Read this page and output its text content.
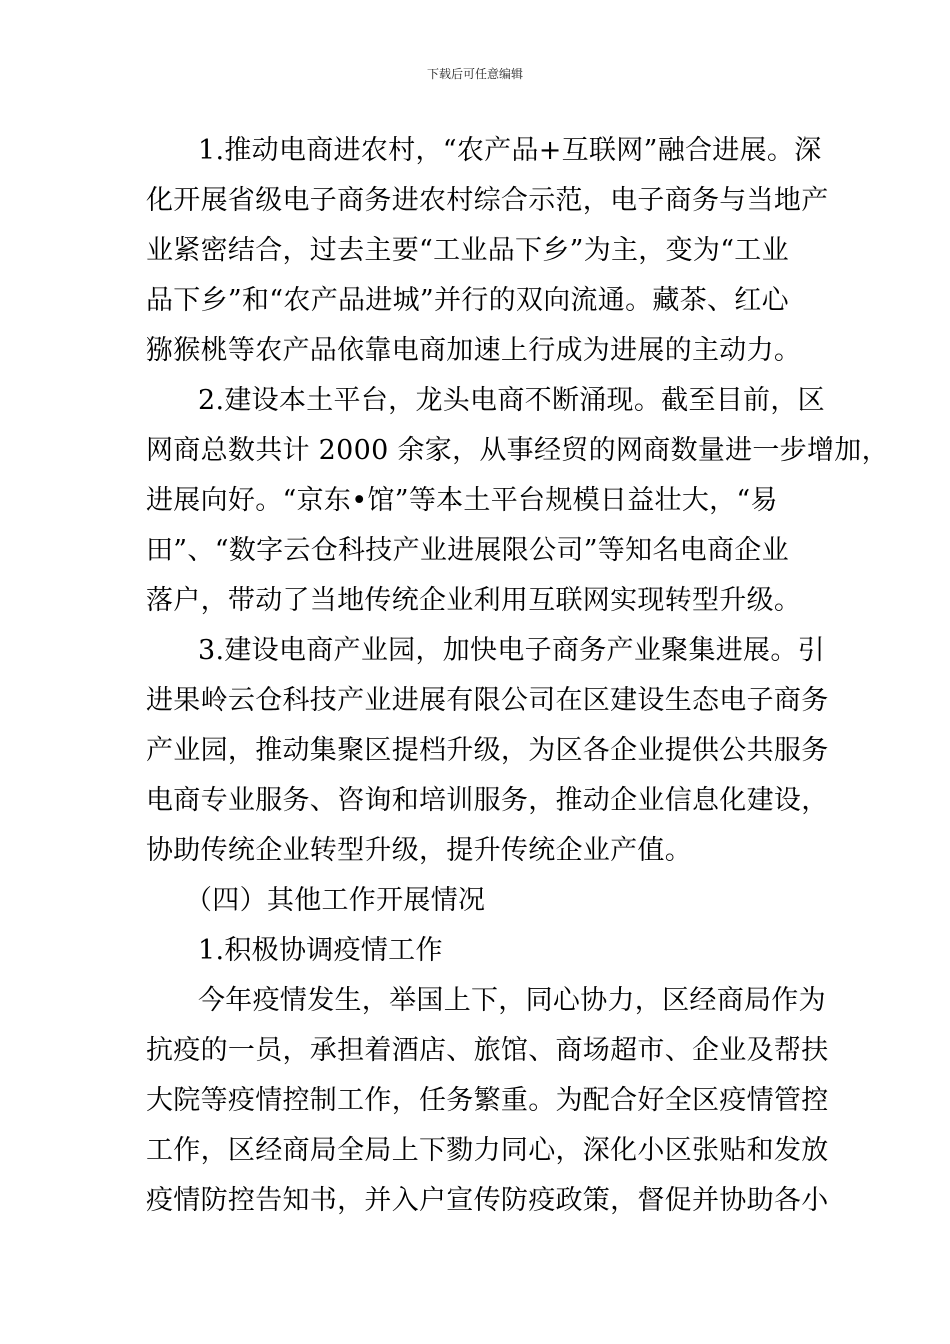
下载后可任意编辑
1.推动电商进农村，“农产品+互联网”融合进展。深
化开展省级电子商务进农村综合示范，电子商务与当地产
业紧密结合，过去主要“工业品下乡”为主，变为“工业
品下乡”和“农产品进城”并行的双向流通。藏茶、红心
猕猴桃等农产品依靠电商加速上行成为进展的主动力。
2.建设本土平台，龙头电商不断涌现。截至目前，区
网商总数共计 2000 余家，从事经贸的网商数量进一步增加，
进展向好。“京东•馆”等本土平台规模日益壮大，“易
田”、“数字云仓科技产业进展限公司”等知名电商企业
落户，带动了当地传统企业利用互联网实现转型升级。
3.建设电商产业园，加快电子商务产业聚集进展。引
进果岭云仓科技产业进展有限公司在区建设生态电子商务
产业园，推动集聚区提档升级，为区各企业提供公共服务
电商专业服务、咨询和培训服务，推动企业信息化建设，
协助传统企业转型升级，提升传统企业产值。
（四）其他工作开展情况
1.积极协调疫情工作
今年疫情发生，举国上下，同心协力，区经商局作为
抗疫的一员，承担着酒店、旅馆、商场超市、企业及帮扶
大院等疫情控制工作，任务繁重。为配合好全区疫情管控
工作，区经商局全局上下勠力同心，深化小区张贴和发放
疫情防控告知书，并入户宣传防疫政策，督促并协助各小
